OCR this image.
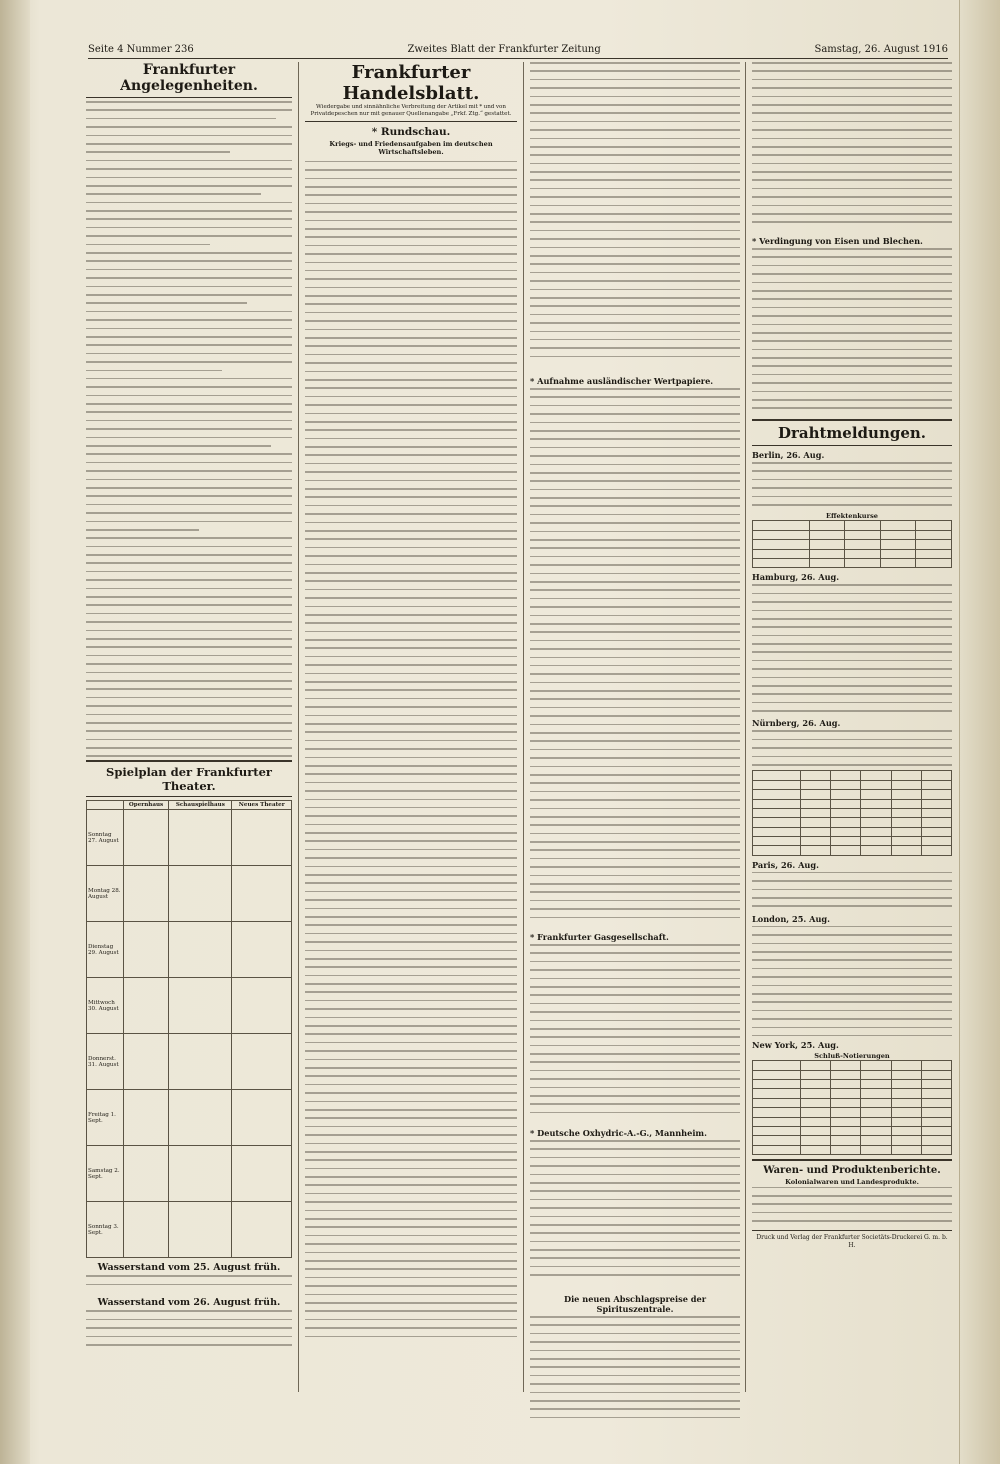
Seite 4 Nummer 236	Zweites Blatt der Frankfurter Zeitung	Samstag, 26. August 1916
Frankfurter Angelegenheiten.
Spielplan der Frankfurter Theater.
	Opernhaus	Schauspielhaus	Neues Theater
Sonntag 27. August			
Montag 28. August			
Dienstag 29. August			
Mittwoch 30. August			
Donnerst. 31. August			
Freitag 1. Sept.			
Samstag 2. Sept.			
Sonntag 3. Sept.			
Wasserstand vom 25. August früh.
Wasserstand vom 26. August früh.
Frankfurter Handelsblatt.
Wiedergabe und sinnähnliche Verbreitung der Artikel mit * und von Privatdepeschen nur mit genauer Quellenangabe „Frkf. Ztg.“ gestattet.
* Rundschau.
Kriegs- und Friedensaufgaben im deutschen Wirtschaftsleben.
* Aufnahme ausländischer Wertpapiere.
* Frankfurter Gasgesellschaft.
* Deutsche Oxhydric-A.-G., Mannheim.
Die neuen Abschlagspreise der Spirituszentrale.
* Verdingung von Eisen und Blechen.
Drahtmeldungen.
Berlin, 26. Aug.
Effektenkurse

Hamburg, 26. Aug.
Nürnberg, 26. Aug.

Paris, 26. Aug.
London, 25. Aug.
New York, 25. Aug.
Schluß-Notierungen

Waren- und Produktenberichte.
Kolonialwaren und Landesprodukte.
Druck und Verlag der Frankfurter Societäts-Druckerei G. m. b. H.
